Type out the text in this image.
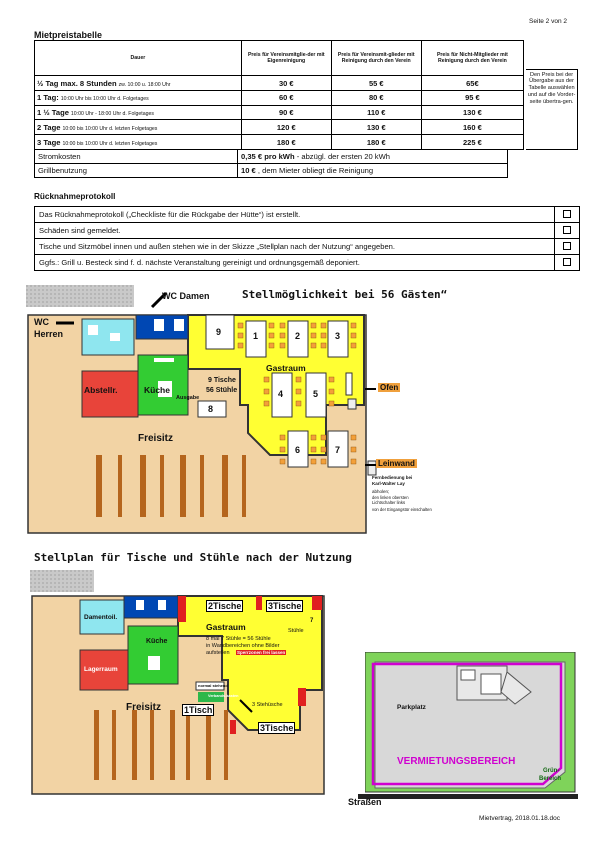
Seite 2 von 2
Mietpreistabelle
Dauer	Preis für Vereinsmitglie-der mit Eigenreinigung	Preis für Vereinsmit-glieder mit Reinigung durch den Verein	Preis für Nicht-Mitglieder mit Reinigung durch den Verein	Den Preis bei der Übergabe aus der Tabelle auswählen und auf die Vorder-seite übertra-gen.

½ Tag max. 8 Stunden zw. 10:00 u. 18:00 Uhr	30 €	55 €	65€	
1 Tag: 10:00 Uhr bis 10:00 Uhr d. Folgetages	60 €	80 €	95 €	
1 ½ Tage 10:00 Uhr - 18:00 Uhr d. Folgetages	90 €	110 €	130 €	
2 Tage 10:00 bis 10:00 Uhr d. letzten Folgetages	120 €	130 €	160 €	
3 Tage 10:00 bis 10:00 Uhr d. letzten Folgetages	180 €	180 €	225 €	
Stromkosten	0,35 € pro kWh - abzügl. der ersten 20 kWh
Grillbenutzung	10 € , dem Mieter obliegt die Reinigung
Rücknahmeprotokoll
Das Rücknahmeprotokoll („Checkliste für die Rückgabe der Hütte“) ist erstellt.	
Schäden sind gemeldet.	
Tische und Sitzmöbel innen und außen stehen wie in der Skizze „Stellplan nach der Nutzung“ angegeben.	
Ggfs.: Grill u. Besteck sind f. d. nächste Veranstaltung gereinigt und ordnungsgemäß deponiert.	
WC Damen
WC
Herren
Stellmöglichkeit bei 56 Gästen“
Abstellr.	Küche
Ausgabe
Gastraum
9 Tische
56 Stühle
Freisitz
Ofen
Leinwand
Fernbedienung bei
Karl-Walter Lay
abholen;
den linken obersten Lichtschalter links
von der Eingangstür einschalten
1	2	3
4	5
6	7
8
9
Stellplan für Tische und Stühle nach der Nutzung
Damentoil.
Küche
Lagerraum
2Tische	3Tische
Gastraum	Stühle
7
8 mal 7 Stühle = 56 Stühle
in Wandbereichen ohne Bilder
aufstellen Sperrzonen frei lassen
normal stehend
Verbands-kasten
Freisitz	1Tisch	3 Stehüsche
3Tische
Parkplatz
VERMIETUNGSBEREICH
Grün-
Bereich
Straßen
Mietvertrag, 2018.01.18.doc
